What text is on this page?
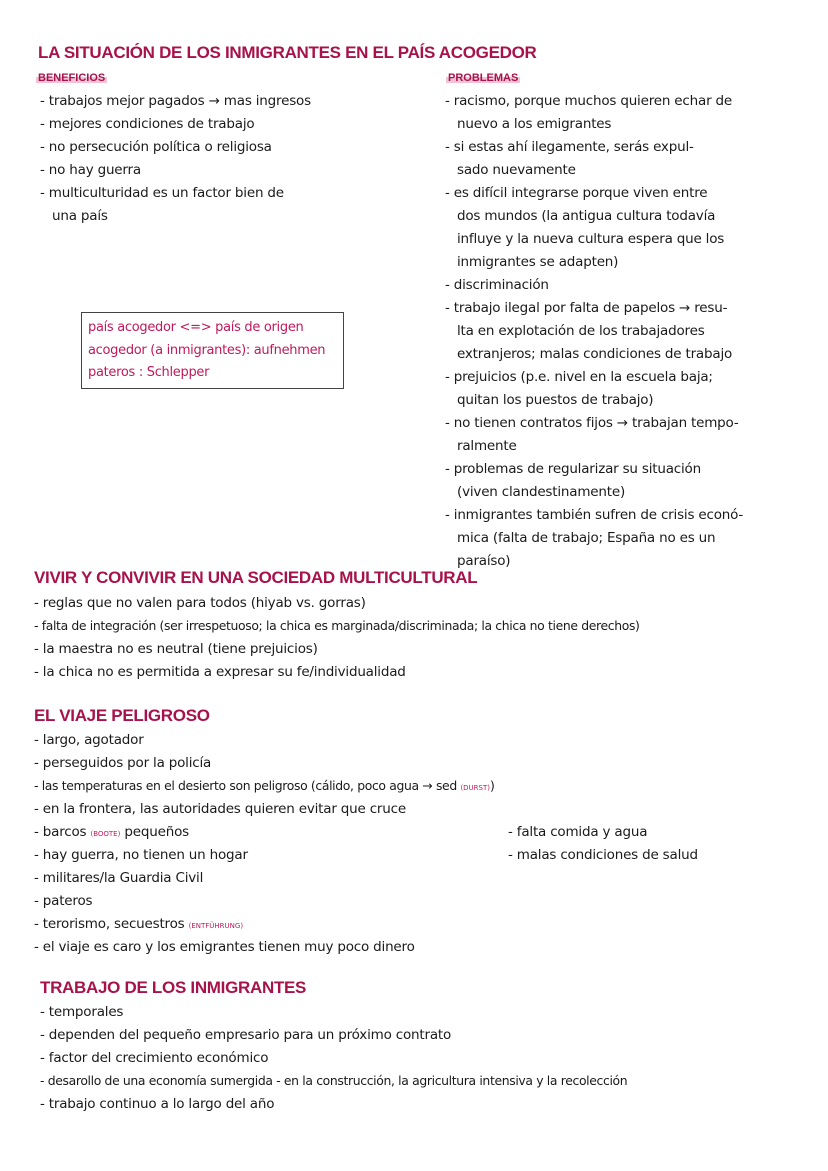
LA SITUACIÓN DE LOS INMIGRANTES EN EL PAÍS ACOGEDOR
BENEFICIOS
- trabajos mejor pagados → mas ingresos
- mejores condiciones de trabajo
- no persecución política o religiosa
- no hay guerra
- multiculturidad es un factor bien de
una país
PROBLEMAS
- racismo, porque muchos quieren echar de
nuevo a los emigrantes
- si estas ahí ilegamente, serás expul-
sado nuevamente
- es difícil integrarse porque viven entre
dos mundos (la antigua cultura todavía
influye y la nueva cultura espera que los
inmigrantes se adapten)
- discriminación
- trabajo ilegal por falta de papelos → resu-
lta en explotación de los trabajadores
extranjeros; malas condiciones de trabajo
- prejuicios (p.e. nivel en la escuela baja;
quitan los puestos de trabajo)
- no tienen contratos fijos → trabajan tempo-
ralmente
- problemas de regularizar su situación
(viven clandestinamente)
- inmigrantes también sufren de crisis econó-
mica (falta de trabajo; España no es un
paraíso)
país acogedor <=> país de origen
acogedor (a inmigrantes): aufnehmen
pateros : Schlepper
VIVIR Y CONVIVIR EN UNA SOCIEDAD MULTICULTURAL
- reglas que no valen para todos (hiyab vs. gorras)
- falta de integración (ser irrespetuoso; la chica es marginada/discriminada; la chica no tiene derechos)
- la maestra no es neutral (tiene prejuicios)
- la chica no es permitida a expresar su fe/individualidad
EL VIAJE PELIGROSO
- largo, agotador
- perseguidos por la policía
- las temperaturas en el desierto son peligroso (cálido, poco agua → sed (DURST))
- en la frontera, las autoridades quieren evitar que cruce
- barcos (BOOTE) pequeños
- hay guerra, no tienen un hogar
- militares/la Guardia Civil
- pateros
- terorismo, secuestros (ENTFÜHRUNG)
- el viaje es caro y los emigrantes tienen muy poco dinero
- falta comida y agua
- malas condiciones de salud
TRABAJO DE LOS INMIGRANTES
- temporales
- dependen del pequeño empresario para un próximo contrato
- factor del crecimiento económico
- desarollo de una economía sumergida - en la construcción, la agricultura intensiva y la recolección
- trabajo continuo a lo largo del año
